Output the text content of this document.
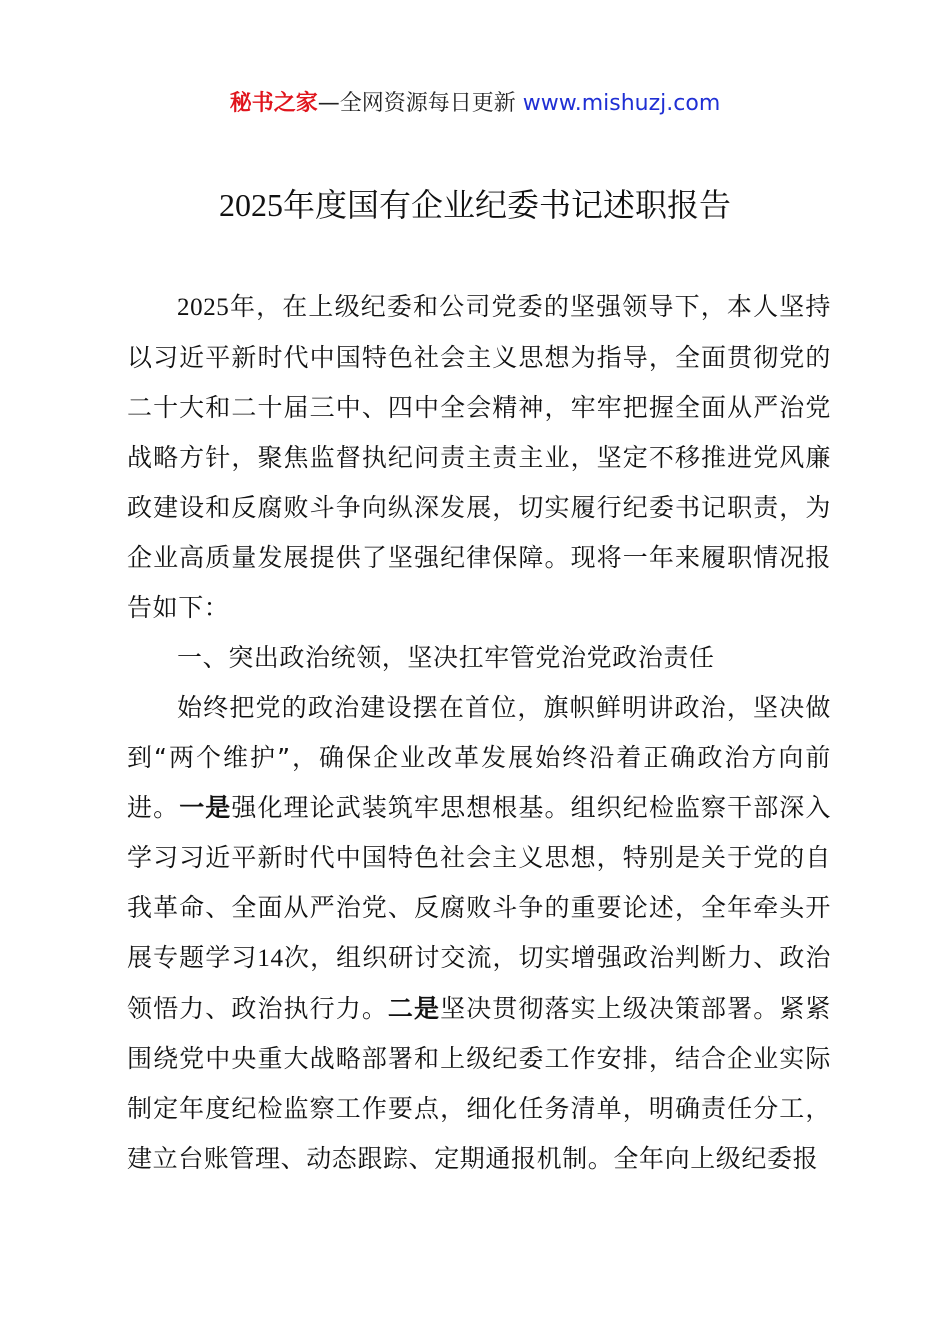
秘书之家—全网资源每日更新 www.mishuzj.com
2025年度国有企业纪委书记述职报告

2025年，在上级纪委和公司党委的坚强领导下，本人坚持以习近平新时代中国特色社会主义思想为指导，全面贯彻党的二十大和二十届三中、四中全会精神，牢牢把握全面从严治党战略方针，聚焦监督执纪问责主责主业，坚定不移推进党风廉政建设和反腐败斗争向纵深发展，切实履行纪委书记职责，为企业高质量发展提供了坚强纪律保障。现将一年来履职情况报告如下：

一、突出政治统领，坚决扛牢管党治党政治责任

始终把党的政治建设摆在首位，旗帜鲜明讲政治，坚决做到“两个维护”，确保企业改革发展始终沿着正确政治方向前进。一是强化理论武装筑牢思想根基。组织纪检监察干部深入学习习近平新时代中国特色社会主义思想，特别是关于党的自我革命、全面从严治党、反腐败斗争的重要论述，全年牵头开展专题学习14次，组织研讨交流，切实增强政治判断力、政治领悟力、政治执行力。二是坚决贯彻落实上级决策部署。紧紧围绕党中央重大战略部署和上级纪委工作安排，结合企业实际制定年度纪检监察工作要点，细化任务清单，明确责任分工，建立台账管理、动态跟踪、定期通报机制。全年向上级纪委报
